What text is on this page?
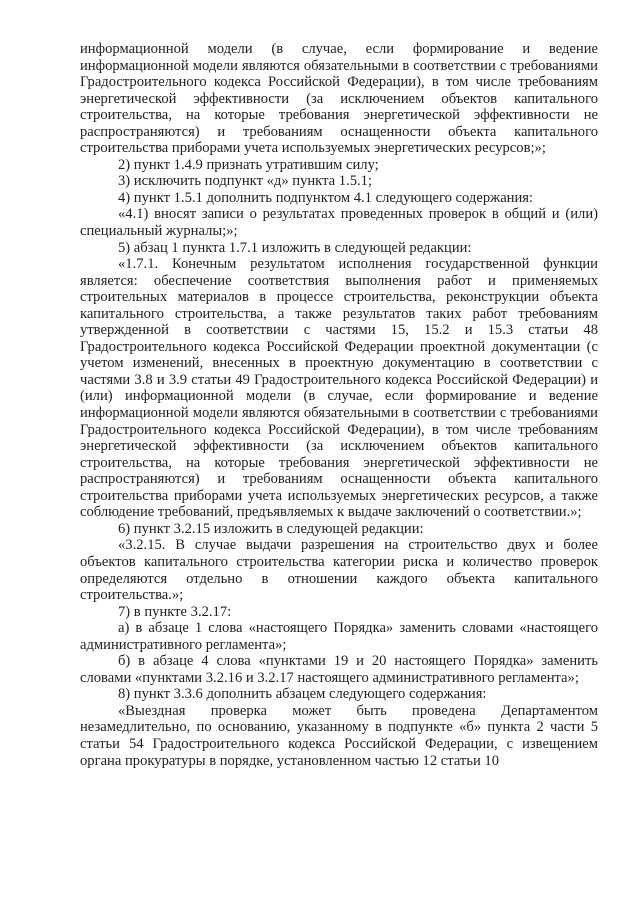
информационной модели (в случае, если формирование и ведение информационной модели являются обязательными в соответствии с требованиями Градостроительного кодекса Российской Федерации), в том числе требованиям энергетической эффективности (за исключением объектов капитального строительства, на которые требования энергетической эффективности не распространяются) и требованиям оснащенности объекта капитального строительства приборами учета используемых энергетических ресурсов;»;

2) пункт 1.4.9 признать утратившим силу;

3) исключить подпункт «д» пункта 1.5.1;

4) пункт 1.5.1 дополнить подпунктом 4.1 следующего содержания:

«4.1) вносят записи о результатах проведенных проверок в общий и (или) специальный журналы;»;

5) абзац 1 пункта 1.7.1 изложить в следующей редакции:

«1.7.1. Конечным результатом исполнения государственной функции является: обеспечение соответствия выполнения работ и применяемых строительных материалов в процессе строительства, реконструкции объекта капитального строительства, а также результатов таких работ требованиям утвержденной в соответствии с частями 15, 15.2 и 15.3 статьи 48 Градостроительного кодекса Российской Федерации проектной документации (с учетом изменений, внесенных в проектную документацию в соответствии с частями 3.8 и 3.9 статьи 49 Градостроительного кодекса Российской Федерации) и (или) информационной модели (в случае, если формирование и ведение информационной модели являются обязательными в соответствии с требованиями Градостроительного кодекса Российской Федерации), в том числе требованиям энергетической эффективности (за исключением объектов капитального строительства, на которые требования энергетической эффективности не распространяются) и требованиям оснащенности объекта капитального строительства приборами учета используемых энергетических ресурсов, а также соблюдение требований, предъявляемых к выдаче заключений о соответствии.»;

6) пункт 3.2.15 изложить в следующей редакции:

«3.2.15. В случае выдачи разрешения на строительство двух и более объектов капитального строительства категории риска и количество проверок определяются отдельно в отношении каждого объекта капитального строительства.»;

7) в пункте 3.2.17:

а) в абзаце 1 слова «настоящего Порядка» заменить словами «настоящего административного регламента»;

б) в абзаце 4 слова «пунктами 19 и 20 настоящего Порядка» заменить словами «пунктами 3.2.16 и 3.2.17 настоящего административного регламента»;

8) пункт 3.3.6 дополнить абзацем следующего содержания:

«Выездная проверка может быть проведена Департаментом незамедлительно, по основанию, указанному в подпункте «б» пункта 2 части 5 статьи 54 Градостроительного кодекса Российской Федерации, с извещением органа прокуратуры в порядке, установленном частью 12 статьи 10
